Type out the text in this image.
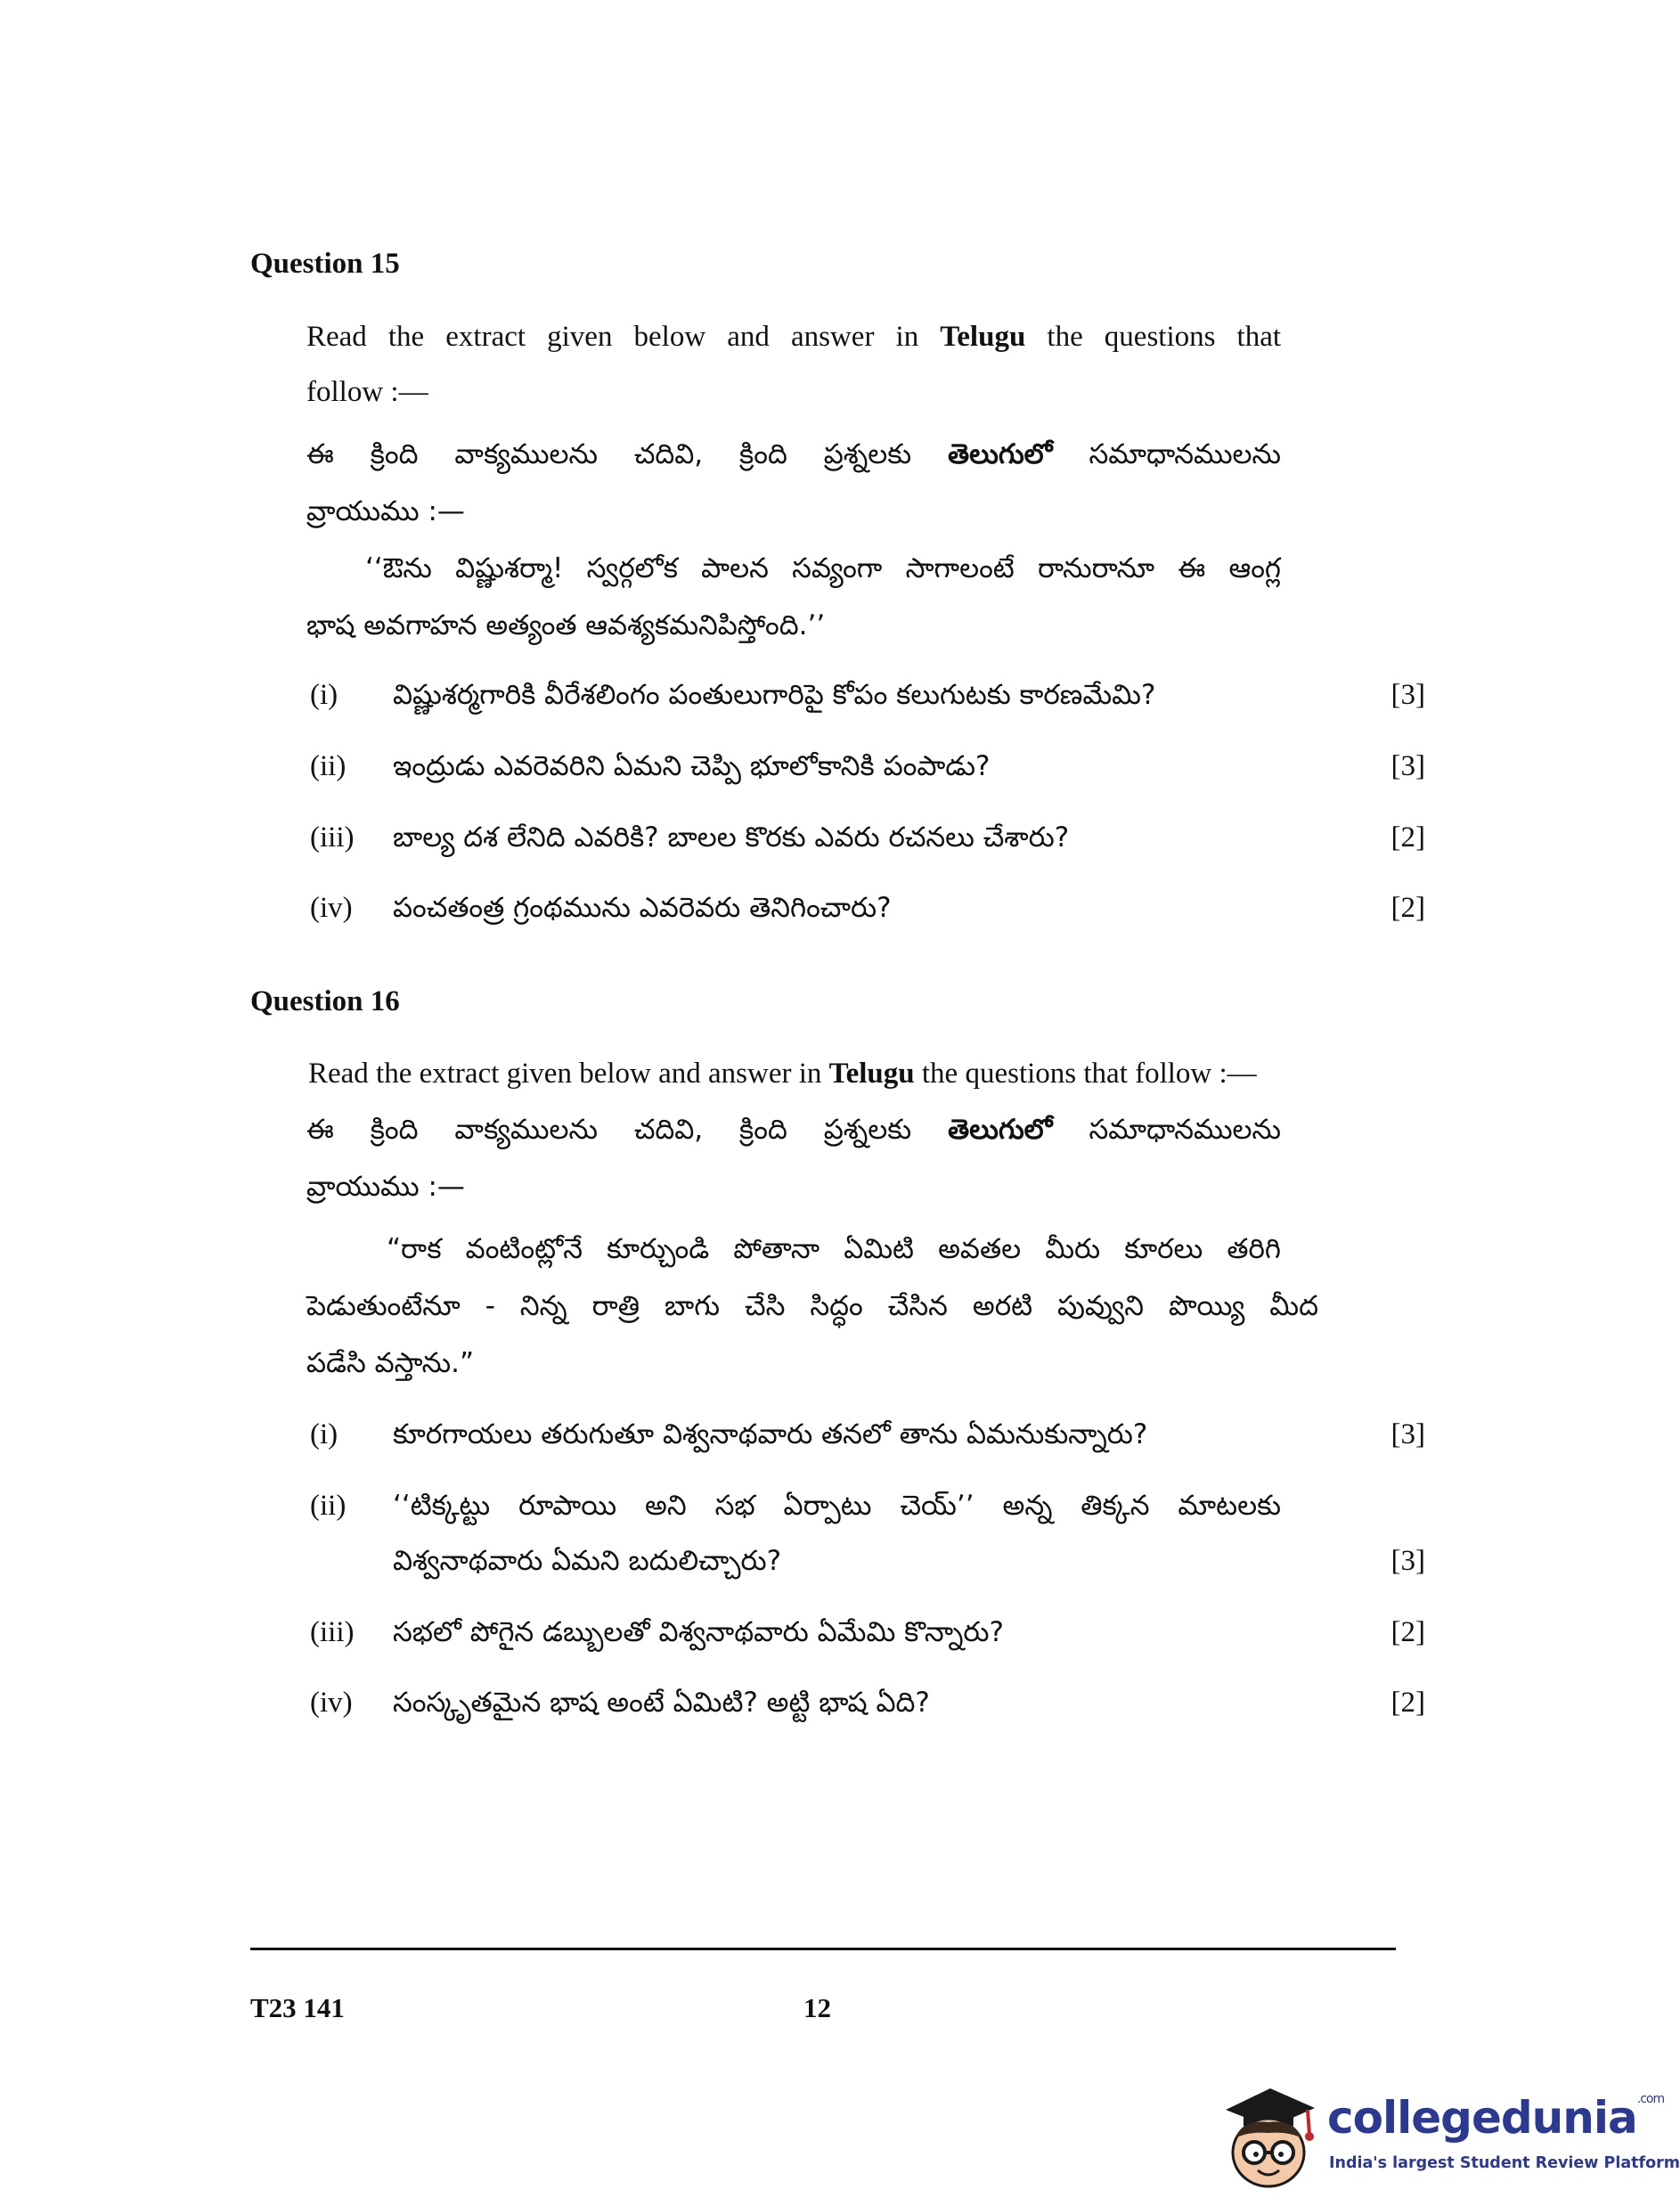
Question 15
Read the extract given below and answer in Telugu the questions that
follow :—
ఈ క్రింది వాక్యములను చదివి, క్రింది ప్రశ్నలకు తెలుగులో సమాధానములను
వ్రాయుము :—
‘‘ఔను విష్ణుశర్మా! స్వర్గలోక పాలన సవ్యంగా సాగాలంటే రానురానూ ఈ ఆంగ్ల
భాష అవగాహన అత్యంత ఆవశ్యకమనిపిస్తోంది.’’
(i) విష్ణుశర్మగారికి వీరేశలింగం పంతులుగారిపై కోపం కలుగుటకు కారణమేమి?	[3]
(ii) ఇంద్రుడు ఎవరెవరిని ఏమని చెప్పి భూలోకానికి పంపాడు?	[3]
(iii) బాల్య దశ లేనిది ఎవరికి? బాలల కొరకు ఎవరు రచనలు చేశారు?	[2]
(iv) పంచతంత్ర గ్రంథమును ఎవరెవరు తెనిగించారు?	[2]
Question 16
Read the extract given below and answer in Telugu the questions that follow :—
ఈ క్రింది వాక్యములను చదివి, క్రింది ప్రశ్నలకు తెలుగులో సమాధానములను
వ్రాయుము :—
“రాక వంటింట్లోనే కూర్చుండి పోతానా ఏమిటి అవతల మీరు కూరలు తరిగి
పెడుతుంటేనూ - నిన్న రాత్రి బాగు చేసి సిద్ధం చేసిన అరటి పువ్వుని పొయ్యి మీద
పడేసి వస్తాను.”
(i) కూరగాయలు తరుగుతూ విశ్వనాథవారు తనలో తాను ఏమనుకున్నారు?	[3]
(ii) ‘‘టిక్కట్టు రూపాయి అని సభ ఏర్పాటు చెయ్’’ అన్న తిక్కన మాటలకు
విశ్వనాథవారు ఏమని బదులిచ్చారు?	[3]
(iii) సభలో పోగైన డబ్బులతో విశ్వనాథవారు ఏమేమి కొన్నారు?	[2]
(iv) సంస్కృతమైన భాష అంటే ఏమిటి? అట్టి భాష ఏది?	[2]
T23 141	12
collegedunia$^{.com}$
India's largest Student Review Platform
